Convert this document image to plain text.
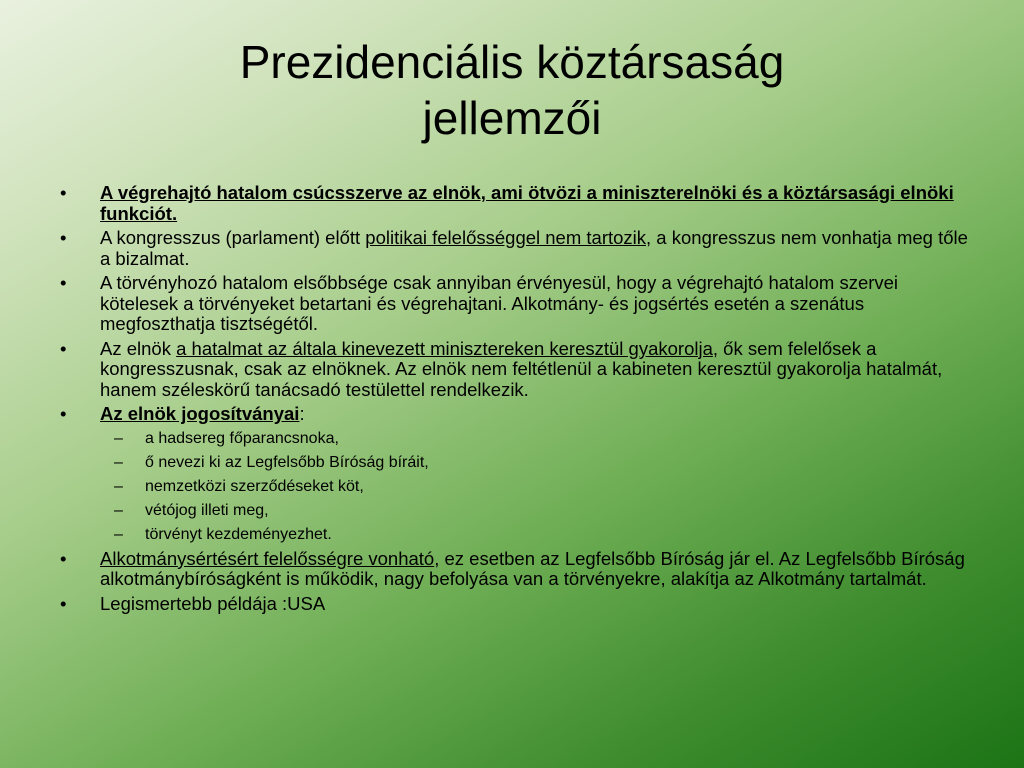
Prezidenciális köztársaság
jellemzői
• A végrehajtó hatalom csúcsszerve az elnök, ami ötvözi a miniszterelnöki és a köztársasági elnöki funkciót.
• A kongresszus (parlament) előtt politikai felelősséggel nem tartozik, a kongresszus nem vonhatja meg tőle a bizalmat.
• A törvényhozó hatalom elsőbbsége csak annyiban érvényesül, hogy a végrehajtó hatalom szervei kötelesek a törvényeket betartani és végrehajtani. Alkotmány- és jogsértés esetén a szenátus megfoszthatja tisztségétől.
• Az elnök a hatalmat az általa kinevezett minisztereken keresztül gyakorolja, ők sem felelősek a kongresszusnak, csak az elnöknek. Az elnök nem feltétlenül a kabineten keresztül gyakorolja hatalmát, hanem széleskörű tanácsadó testülettel rendelkezik.
• Az elnök jogosítványai:
–	a hadsereg főparancsnoka,
–	ő nevezi ki az Legfelsőbb Bíróság bíráit,
–	nemzetközi szerződéseket köt,
–	vétójog illeti meg,
–	törvényt kezdeményezhet.
• Alkotmánysértésért felelősségre vonható, ez esetben az Legfelsőbb Bíróság jár el. Az Legfelsőbb Bíróság alkotmánybíróságként is működik, nagy befolyása van a törvényekre, alakítja az Alkotmány tartalmát.
• Legismertebb példája :USA
